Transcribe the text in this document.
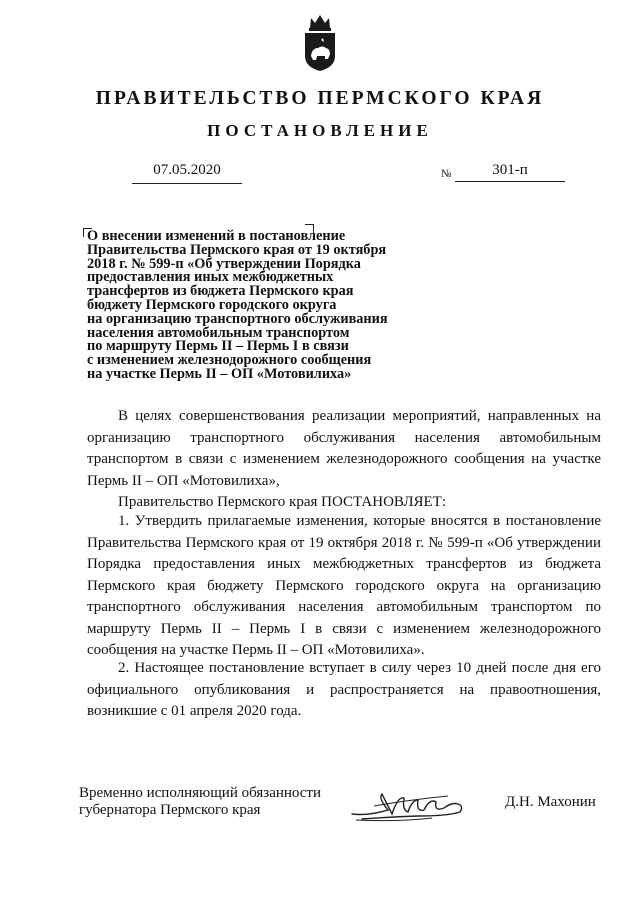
ПРАВИТЕЛЬСТВО ПЕРМСКОГО КРАЯ
ПОСТАНОВЛЕНИЕ
07.05.2020	№	301-п
О внесении изменений в постановление
Правительства Пермского края от 19 октября
2018 г. № 599-п «Об утверждении Порядка
предоставления иных межбюджетных
трансфертов из бюджета Пермского края
бюджету Пермского городского округа
на организацию транспортного обслуживания
населения автомобильным транспортом
по маршруту Пермь II – Пермь I в связи
с изменением железнодорожного сообщения
на участке Пермь II – ОП «Мотовилиха»
В целях совершенствования реализации мероприятий, направленных на организацию транспортного обслуживания населения автомобильным транспортом в связи с изменением железнодорожного сообщения на участке Пермь II – ОП «Мотовилиха»,
Правительство Пермского края ПОСТАНОВЛЯЕТ:
1. Утвердить прилагаемые изменения, которые вносятся в постановление Правительства Пермского края от 19 октября 2018 г. № 599-п «Об утверждении Порядка предоставления иных межбюджетных трансфертов из бюджета Пермского края бюджету Пермского городского округа на организацию транспортного обслуживания населения автомобильным транспортом по маршруту Пермь II – Пермь I в связи с изменением железнодорожного сообщения на участке Пермь II – ОП «Мотовилиха».
2. Настоящее постановление вступает в силу через 10 дней после дня его официального опубликования и распространяется на правоотношения, возникшие с 01 апреля 2020 года.
Временно исполняющий обязанности
губернатора Пермского края	Д.Н. Махонин
